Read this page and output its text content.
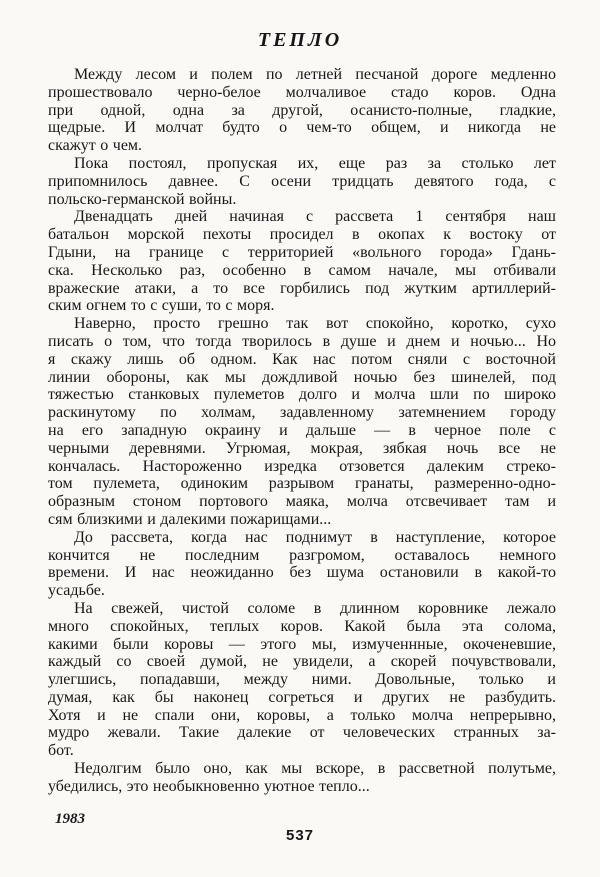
ТЕПЛО
Между лесом и полем по летней песчаной дороге медленно
прошествовало черно-белое молчаливое стадо коров. Одна
при одной, одна за другой, осанисто-полные, гладкие,
щедрые. И молчат будто о чем-то общем, и никогда не
скажут о чем.
Пока постоял, пропуская их, еще раз за столько лет
припомнилось давнее. С осени тридцать девятого года, с
польско-германской войны.
Двенадцать дней начиная с рассвета 1 сентября наш
батальон морской пехоты просидел в окопах к востоку от
Гдыни, на границе с территорией «вольного города» Гдань-
ска. Несколько раз, особенно в самом начале, мы отбивали
вражеские атаки, а то все горбились под жутким артиллерий-
ским огнем то с суши, то с моря.
Наверно, просто грешно так вот спокойно, коротко, сухо
писать о том, что тогда творилось в душе и днем и ночью... Но
я скажу лишь об одном. Как нас потом сняли с восточной
линии обороны, как мы дождливой ночью без шинелей, под
тяжестью станковых пулеметов долго и молча шли по широко
раскинутому по холмам, задавленному затемнением городу
на его западную окраину и дальше — в черное поле с
черными деревнями. Угрюмая, мокрая, зябкая ночь все не
кончалась. Настороженно изредка отзовется далеким стреко-
том пулемета, одиноким разрывом гранаты, размеренно-одно-
образным стоном портового маяка, молча отсвечивает там и
сям близкими и далекими пожарищами...
До рассвета, когда нас поднимут в наступление, которое
кончится не последним разгромом, оставалось немного
времени. И нас неожиданно без шума остановили в какой-то
усадьбе.
На свежей, чистой соломе в длинном коровнике лежало
много спокойных, теплых коров. Какой была эта солома,
какими были коровы — этого мы, измученнные, окоченевшие,
каждый со своей думой, не увидели, а скорей почувствовали,
улегшись, попадавши, между ними. Довольные, только и
думая, как бы наконец согреться и других не разбудить.
Хотя и не спали они, коровы, а только молча непрерывно,
мудро жевали. Такие далекие от человеческих странных за-
бот.
Недолгим было оно, как мы вскоре, в рассветной полутьме,
убедились, это необыкновенно уютное тепло...
1983
537
